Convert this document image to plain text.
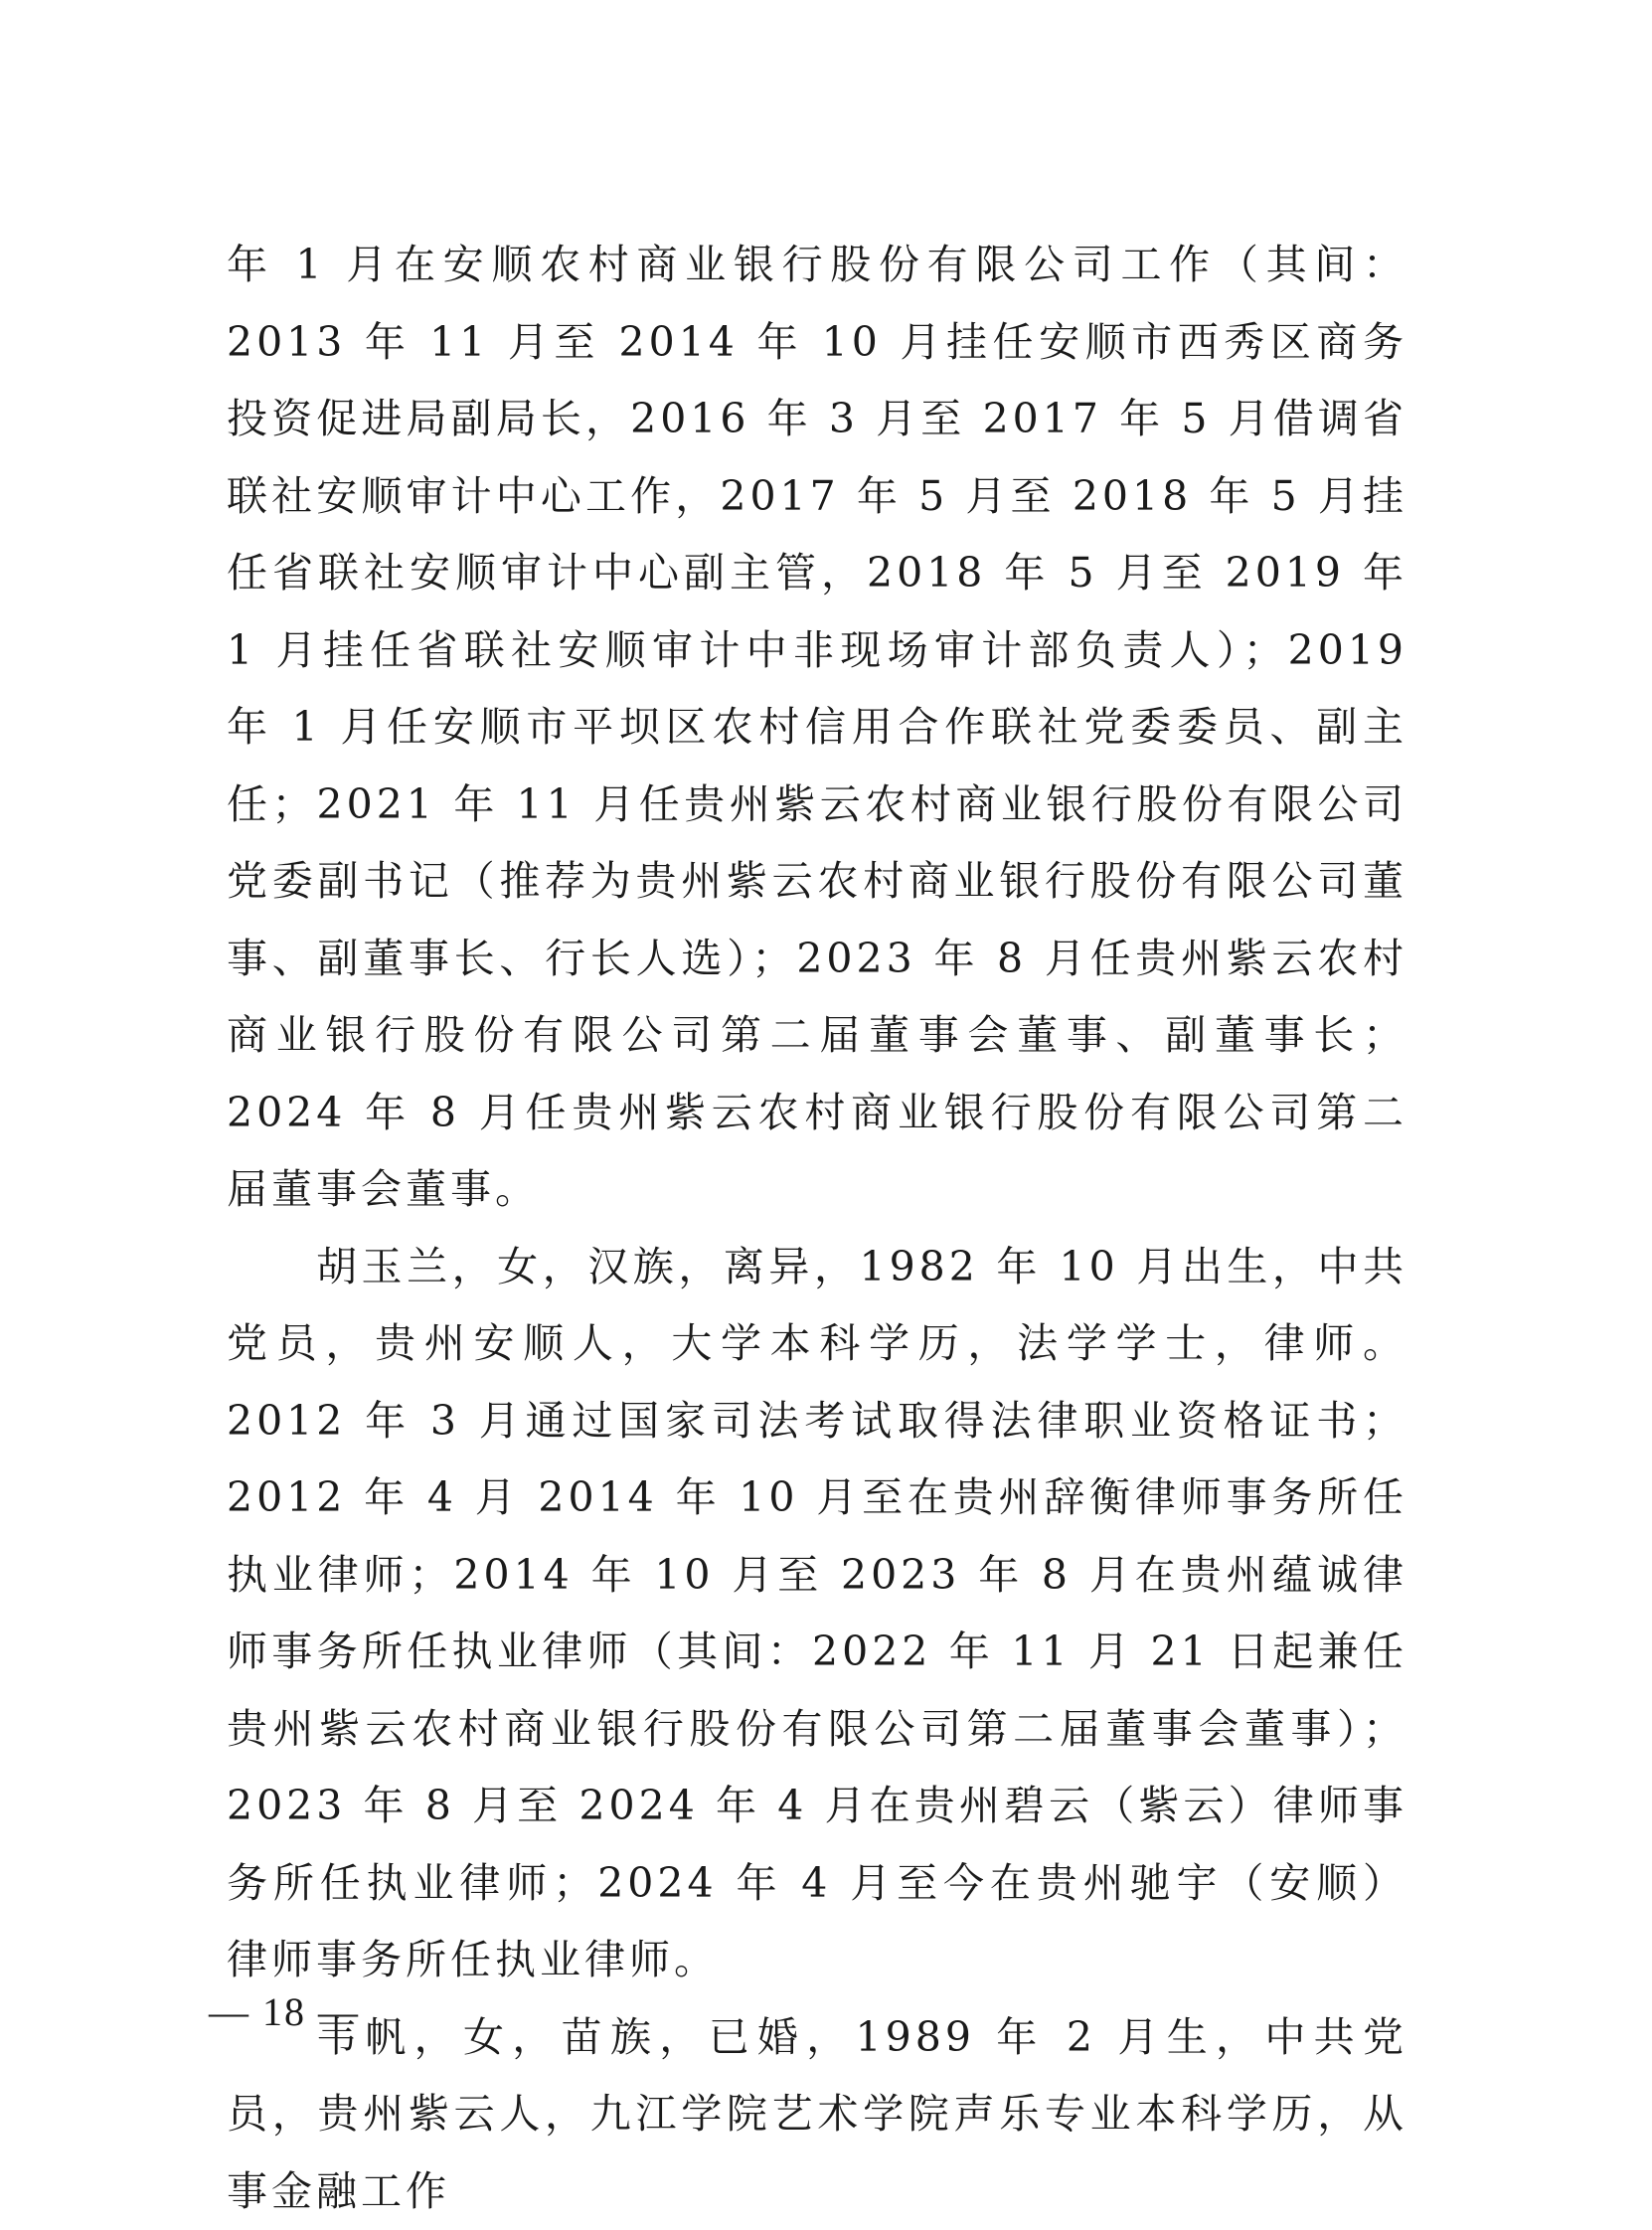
年 1 月在安顺农村商业银行股份有限公司工作（其间：2013 年 11 月至 2014 年 10 月挂任安顺市西秀区商务投资促进局副局长，2016 年 3 月至 2017 年 5 月借调省联社安顺审计中心工作，2017 年 5 月至 2018 年 5 月挂任省联社安顺审计中心副主管，2018 年 5 月至 2019 年 1 月挂任省联社安顺审计中非现场审计部负责人）；2019 年 1 月任安顺市平坝区农村信用合作联社党委委员、副主任；2021 年 11 月任贵州紫云农村商业银行股份有限公司党委副书记（推荐为贵州紫云农村商业银行股份有限公司董事、副董事长、行长人选）；2023 年 8 月任贵州紫云农村商业银行股份有限公司第二届董事会董事、副董事长；2024 年 8 月任贵州紫云农村商业银行股份有限公司第二届董事会董事。

胡玉兰，女，汉族，离异，1982 年 10 月出生，中共党员，贵州安顺人，大学本科学历，法学学士，律师。2012 年 3 月通过国家司法考试取得法律职业资格证书；2012 年 4 月 2014 年 10 月至在贵州辞衡律师事务所任执业律师；2014 年 10 月至 2023 年 8 月在贵州蕴诚律师事务所任执业律师（其间：2022 年 11 月 21 日起兼任贵州紫云农村商业银行股份有限公司第二届董事会董事）；2023 年 8 月至 2024 年 4 月在贵州碧云（紫云）律师事务所任执业律师；2024 年 4 月至今在贵州驰宇（安顺）律师事务所任执业律师。

韦帆，女，苗族，已婚，1989 年 2 月生，中共党员，贵州紫云人，九江学院艺术学院声乐专业本科学历，从事金融工作

— 18 —
